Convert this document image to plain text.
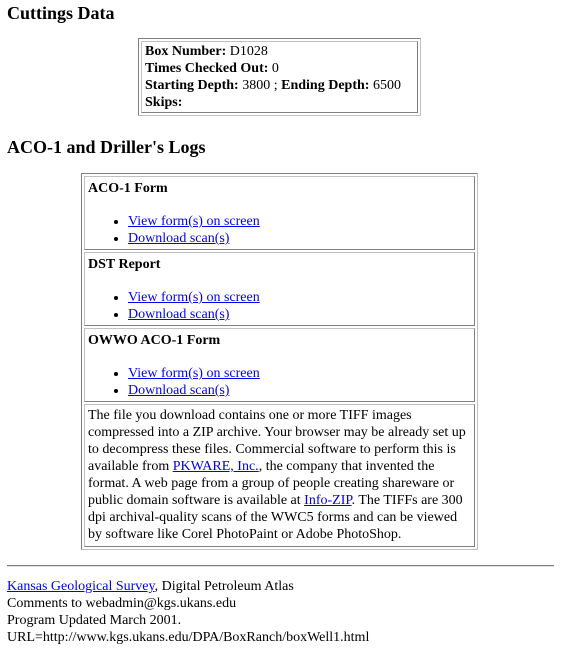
Cuttings Data
Box Number: D1028
Times Checked Out: 0
Starting Depth: 3800 ; Ending Depth: 6500
Skips:
ACO-1 and Driller's Logs
ACO-1 Form
• View form(s) on screen
• Download scan(s)
DST Report
• View form(s) on screen
• Download scan(s)
OWWO ACO-1 Form
• View form(s) on screen
• Download scan(s)
The file you download contains one or more TIFF images compressed into a ZIP archive. Your browser may be already set up to decompress these files. Commercial software to perform this is available from PKWARE, Inc., the company that invented the format. A web page from a group of people creating shareware or public domain software is available at Info-ZIP. The TIFFs are 300 dpi archival-quality scans of the WWC5 forms and can be viewed by software like Corel PhotoPaint or Adobe PhotoShop.
Kansas Geological Survey, Digital Petroleum Atlas
Comments to webadmin@kgs.ukans.edu
Program Updated March 2001.
URL=http://www.kgs.ukans.edu/DPA/BoxRanch/boxWell1.html
